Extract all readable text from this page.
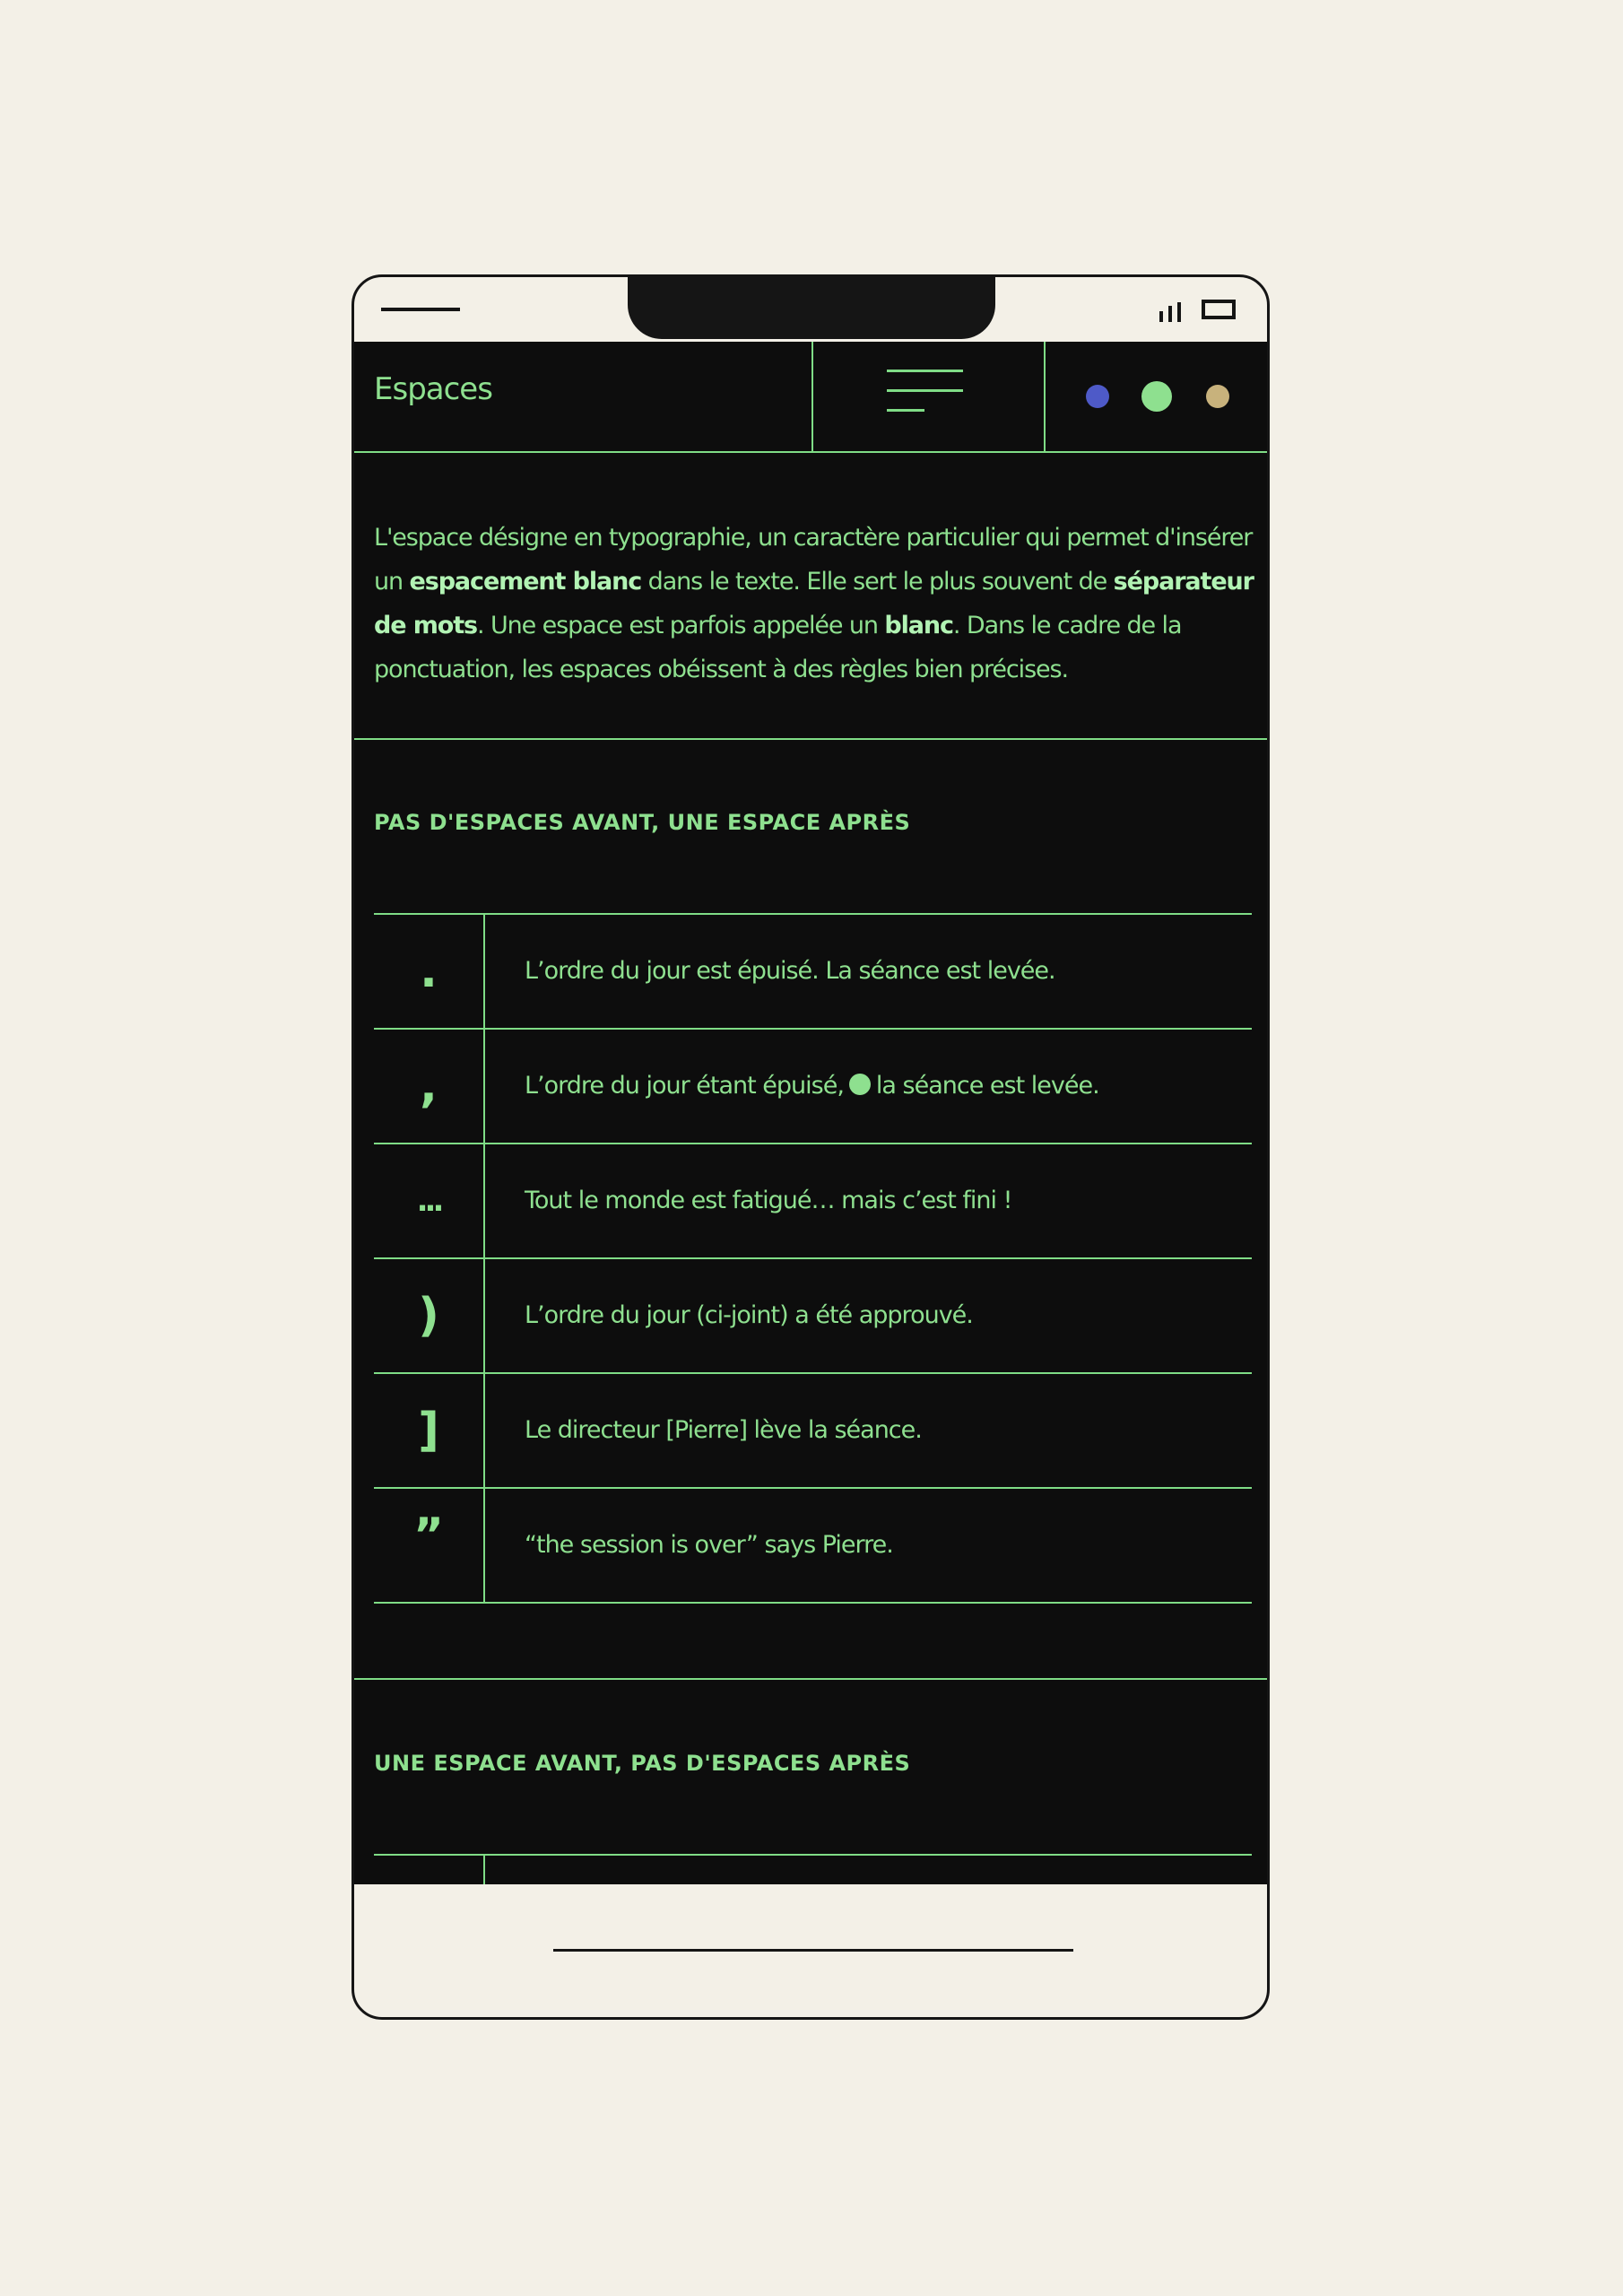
Espaces

L'espace désigne en typographie, un caractère particulier qui permet d'insérer un espacement blanc dans le texte. Elle sert le plus souvent de séparateur de mots. Une espace est parfois appelée un blanc. Dans le cadre de la ponctuation, les espaces obéissent à des règles bien précises.

PAS D'ESPACES AVANT, UNE ESPACE APRÈS
.	L’ordre du jour est épuisé. La séance est levée.
,	L’ordre du jour étant épuisé, la séance est levée.
...	Tout le monde est fatigué… mais c’est fini !
)	L’ordre du jour (ci-joint) a été approuvé.
]	Le directeur [Pierre] lève la séance.
”	“the session is over” says Pierre.
UNE ESPACE AVANT, PAS D'ESPACES APRÈS
